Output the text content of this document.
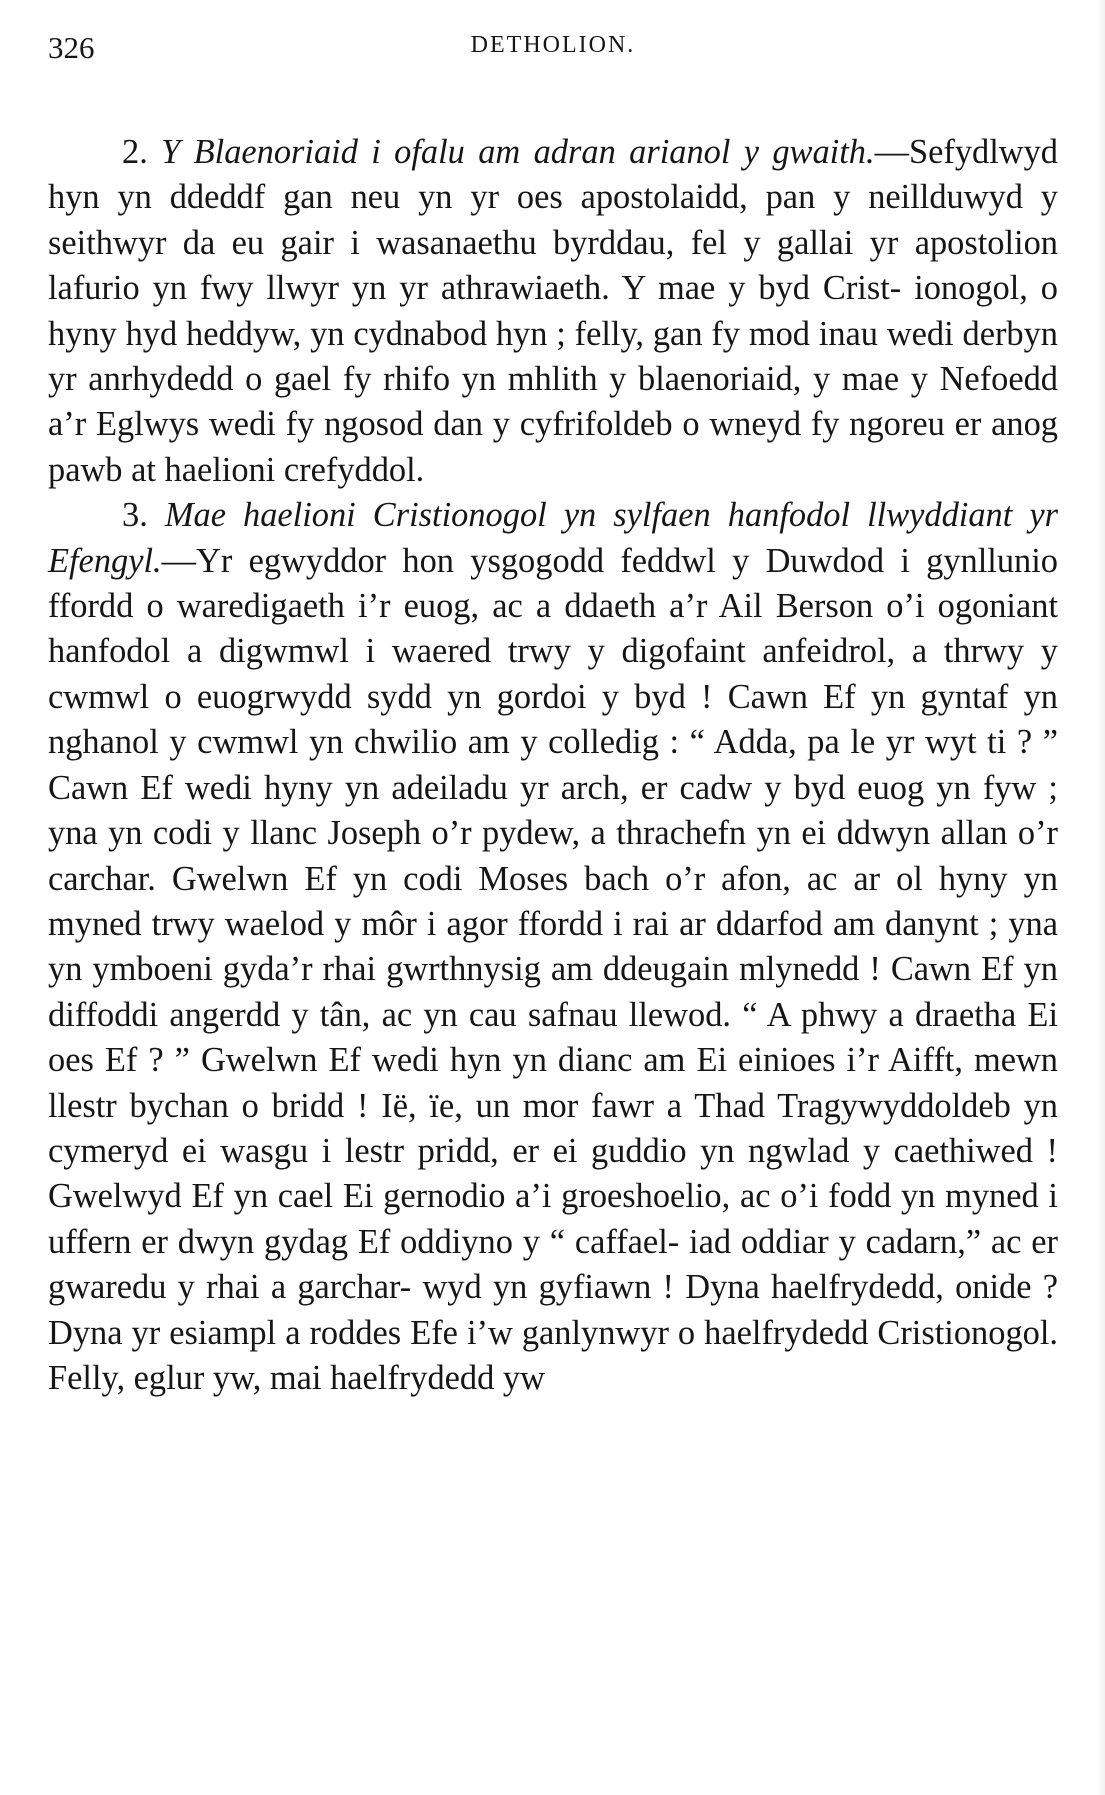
326	DETHOLION.

2. Y Blaenoriaid i ofalu am adran arianol y gwaith.—Sefydlwyd hyn yn ddeddf gan neu yn yr oes apostolaidd, pan y neillduwyd y seithwyr da eu gair i wasanaethu byrddau, fel y gallai yr apostolion lafurio yn fwy llwyr yn yr athrawiaeth. Y mae y byd Crist- ionogol, o hyny hyd heddyw, yn cydnabod hyn ; felly, gan fy mod inau wedi derbyn yr anrhydedd o gael fy rhifo yn mhlith y blaenoriaid, y mae y Nefoedd a’r Eglwys wedi fy ngosod dan y cyfrifoldeb o wneyd fy ngoreu er anog pawb at haelioni crefyddol.

3. Mae haelioni Cristionogol yn sylfaen hanfodol llwyddiant yr Efengyl.—Yr egwyddor hon ysgogodd feddwl y Duwdod i gynllunio ffordd o waredigaeth i’r euog, ac a ddaeth a’r Ail Berson o’i ogoniant hanfodol a digwmwl i waered trwy y digofaint anfeidrol, a thrwy y cwmwl o euogrwydd sydd yn gordoi y byd ! Cawn Ef yn gyntaf yn nghanol y cwmwl yn chwilio am y colledig : “ Adda, pa le yr wyt ti ? ” Cawn Ef wedi hyny yn adeiladu yr arch, er cadw y byd euog yn fyw ; yna yn codi y llanc Joseph o’r pydew, a thrachefn yn ei ddwyn allan o’r carchar. Gwelwn Ef yn codi Moses bach o’r afon, ac ar ol hyny yn myned trwy waelod y môr i agor ffordd i rai ar ddarfod am danynt ; yna yn ymboeni gyda’r rhai gwrthnysig am ddeugain mlynedd ! Cawn Ef yn diffoddi angerdd y tân, ac yn cau safnau llewod. “ A phwy a draetha Ei oes Ef ? ” Gwelwn Ef wedi hyn yn dianc am Ei einioes i’r Aifft, mewn llestr bychan o bridd ! Ië, ïe, un mor fawr a Thad Tragywyddoldeb yn cymeryd ei wasgu i lestr pridd, er ei guddio yn ngwlad y caethiwed ! Gwelwyd Ef yn cael Ei gernodio a’i groeshoelio, ac o’i fodd yn myned i uffern er dwyn gydag Ef oddiyno y “ caffael- iad oddiar y cadarn,” ac er gwaredu y rhai a garchar- wyd yn gyfiawn ! Dyna haelfrydedd, onide ? Dyna yr esiampl a roddes Efe i’w ganlynwyr o haelfrydedd Cristionogol. Felly, eglur yw, mai haelfrydedd yw
